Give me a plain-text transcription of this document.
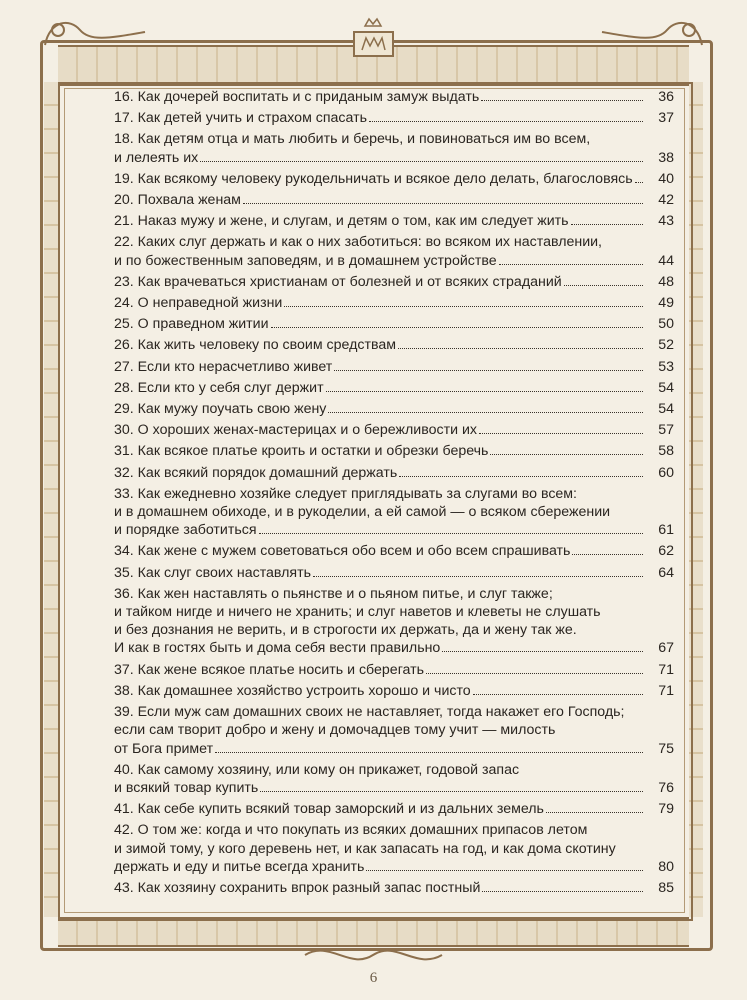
16. Как дочерей воспитать и с приданым замуж выдать	36
17. Как детей учить и страхом спасать	37
18. Как детям отца и мать любить и беречь, и повиноваться им во всем,
и лелеять их	38
19. Как всякому человеку рукодельничать и всякое дело делать, благословясь	40
20. Похвала женам	42
21. Наказ мужу и жене, и слугам, и детям о том, как им следует жить	43
22. Каких слуг держать и как о них заботиться: во всяком их наставлении,
и по божественным заповедям, и в домашнем устройстве	44
23. Как врачеваться христианам от болезней и от всяких страданий	48
24. О неправедной жизни	49
25. О праведном житии	50
26. Как жить человеку по своим средствам	52
27. Если кто нерасчетливо живет	53
28. Если кто у себя слуг держит	54
29. Как мужу поучать свою жену	54
30. О хороших женах-мастерицах и о бережливости их	57
31. Как всякое платье кроить и остатки и обрезки беречь	58
32. Как всякий порядок домашний держать	60
33. Как ежедневно хозяйке следует приглядывать за слугами во всем:
и в домашнем обиходе, и в рукоделии, а ей самой — о всяком сбережении
и порядке заботиться	61
34. Как жене с мужем советоваться обо всем и обо всем спрашивать	62
35. Как слуг своих наставлять	64
36. Как жен наставлять о пьянстве и о пьяном питье, и слуг также;
и тайком нигде и ничего не хранить; и слуг наветов и клеветы не слушать
и без дознания не верить, и в строгости их держать, да и жену так же.
И как в гостях быть и дома себя вести правильно	67
37. Как жене всякое платье носить и сберегать	71
38. Как домашнее хозяйство устроить хорошо и чисто	71
39. Если муж сам домашних своих не наставляет, тогда накажет его Господь;
если сам творит добро и жену и домочадцев тому учит — милость
от Бога примет	75
40. Как самому хозяину, или кому он прикажет, годовой запас
и всякий товар купить	76
41. Как себе купить всякий товар заморский и из дальних земель	79
42. О том же: когда и что покупать из всяких домашних припасов летом
и зимой тому, у кого деревень нет, и как запасать на год, и как дома скотину
держать и еду и питье всегда хранить	80
43. Как хозяину сохранить впрок разный запас постный	85
6
